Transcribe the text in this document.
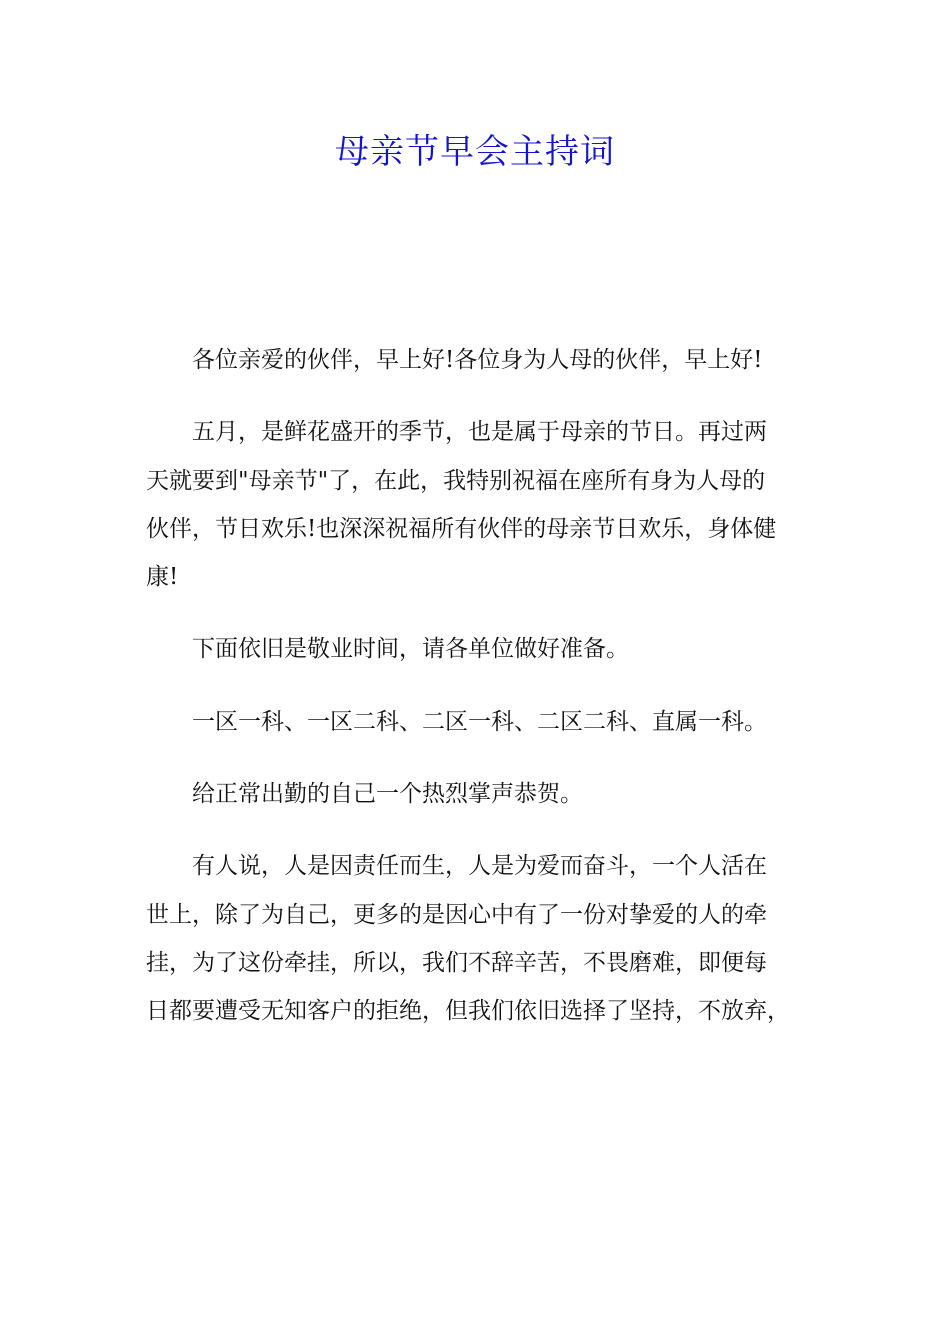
母亲节早会主持词
各位亲爱的伙伴，早上好!各位身为人母的伙伴，早上好!
五月，是鲜花盛开的季节，也是属于母亲的节日。再过两
天就要到"母亲节"了，在此，我特别祝福在座所有身为人母的
伙伴，节日欢乐!也深深祝福所有伙伴的母亲节日欢乐，身体健
康!
下面依旧是敬业时间，请各单位做好准备。
一区一科、一区二科、二区一科、二区二科、直属一科。
给正常出勤的自己一个热烈掌声恭贺。
有人说，人是因责任而生，人是为爱而奋斗，一个人活在
世上，除了为自己，更多的是因心中有了一份对挚爱的人的牵
挂，为了这份牵挂，所以，我们不辞辛苦，不畏磨难，即便每
日都要遭受无知客户的拒绝，但我们依旧选择了坚持，不放弃，
